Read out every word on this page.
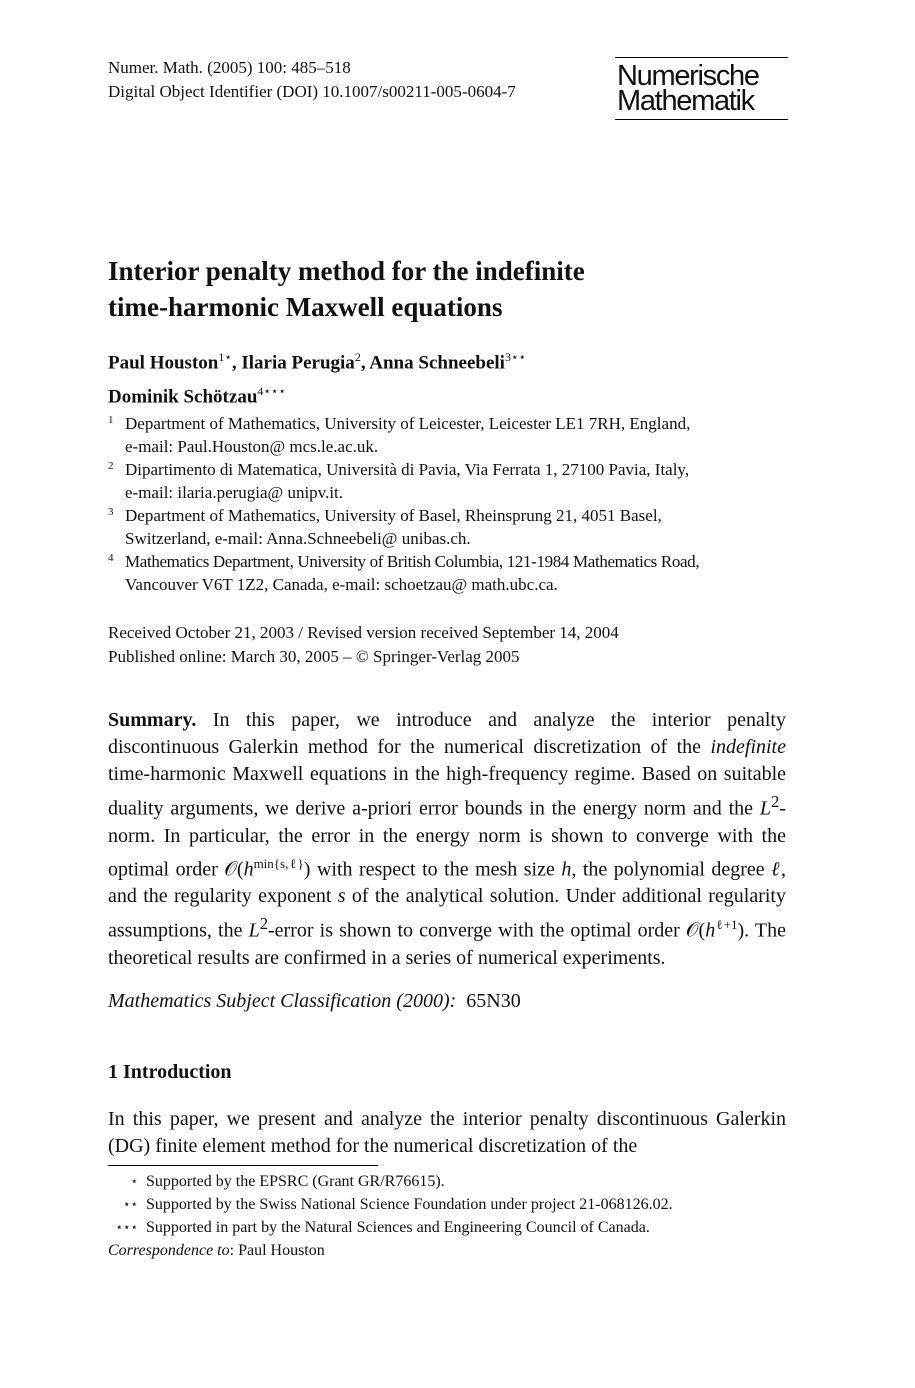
Numer. Math. (2005) 100: 485–518
Digital Object Identifier (DOI) 10.1007/s00211-005-0604-7	Numerische
Mathematik
Interior penalty method for the indefinite
time-harmonic Maxwell equations
Paul Houston$^{1⋆}$, Ilaria Perugia$^2$, Anna Schneebeli$^{3⋆⋆}$
Dominik Schötzau$^{4⋆⋆⋆}$
1 Department of Mathematics, University of Leicester, Leicester LE1 7RH, England,
e-mail: Paul.Houston@ mcs.le.ac.uk.
2 Dipartimento di Matematica, Università di Pavia, Via Ferrata 1, 27100 Pavia, Italy,
e-mail: ilaria.perugia@ unipv.it.
3 Department of Mathematics, University of Basel, Rheinsprung 21, 4051 Basel,
Switzerland, e-mail: Anna.Schneebeli@ unibas.ch.
4 Mathematics Department, University of British Columbia, 121-1984 Mathematics Road,
Vancouver V6T 1Z2, Canada, e-mail: schoetzau@ math.ubc.ca.
Received October 21, 2003 / Revised version received September 14, 2004
Published online: March 30, 2005 – © Springer-Verlag 2005
Summary. In this paper, we introduce and analyze the interior penalty discontinuous Galerkin method for the numerical discretization of the indefinite time-harmonic Maxwell equations in the high-frequency regime. Based on suitable duality arguments, we derive a-priori error bounds in the energy norm and the $L^2$-norm. In particular, the error in the energy norm is shown to converge with the optimal order $𝒪(h^{min\{s,\ell\}})$ with respect to the mesh size h, the polynomial degree ℓ, and the regularity exponent s of the analytical solution. Under additional regularity assumptions, the $L^2$-error is shown to converge with the optimal order $𝒪(h^{\ell+1})$. The theoretical results are confirmed in a series of numerical experiments.
Mathematics Subject Classification (2000): 65N30
1 Introduction
In this paper, we present and analyze the interior penalty discontinuous Galerkin (DG) finite element method for the numerical discretization of the
⋆ Supported by the EPSRC (Grant GR/R76615).
⋆⋆ Supported by the Swiss National Science Foundation under project 21-068126.02.
⋆⋆⋆ Supported in part by the Natural Sciences and Engineering Council of Canada.
Correspondence to: Paul Houston
